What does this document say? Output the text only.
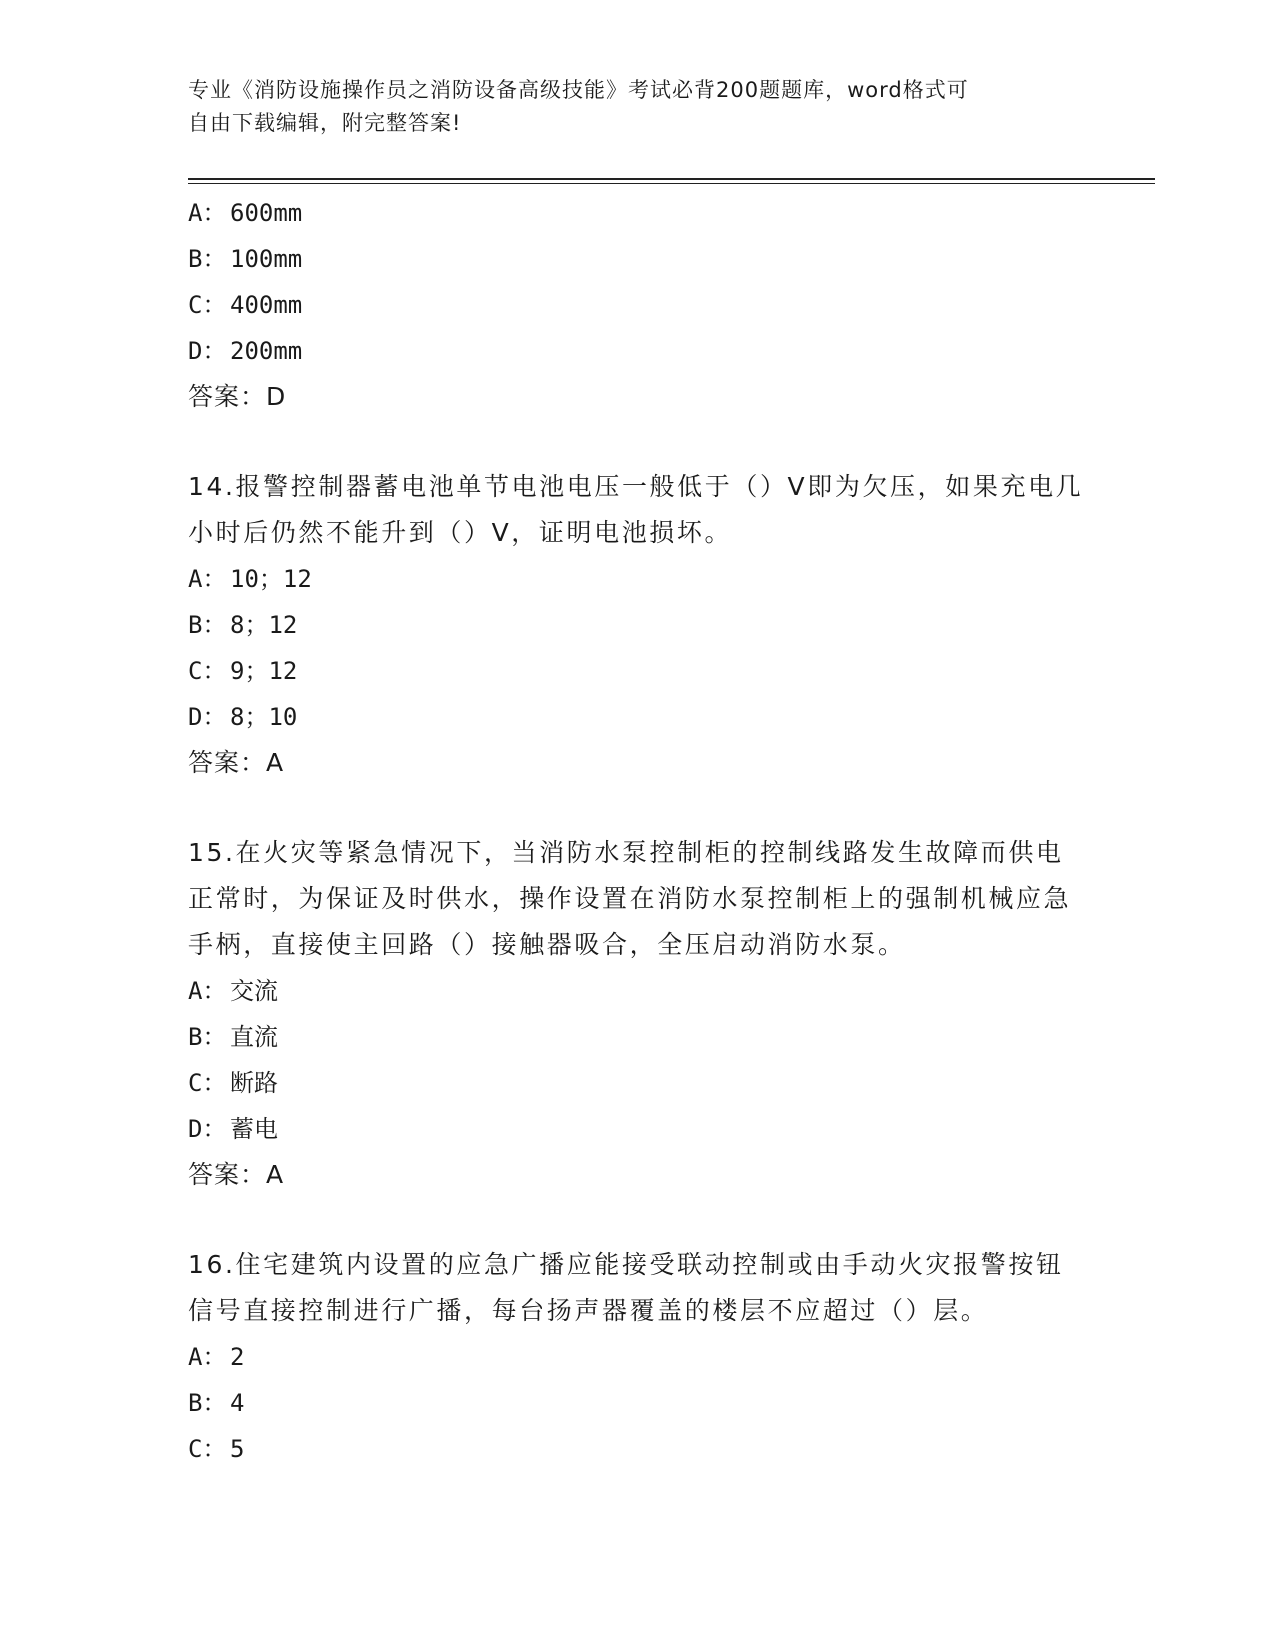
专业《消防设施操作员之消防设备高级技能》考试必背200题题库，word格式可
自由下载编辑，附完整答案!
A： 600mm
B： 100mm
C： 400mm
D： 200mm
答案：D
14.报警控制器蓄电池单节电池电压一般低于（）V即为欠压，如果充电几小时后仍然不能升到（）V，证明电池损坏。
A： 10；12
B： 8；12
C： 9；12
D： 8；10
答案：A
15.在火灾等紧急情况下，当消防水泵控制柜的控制线路发生故障而供电正常时，为保证及时供水，操作设置在消防水泵控制柜上的强制机械应急手柄，直接使主回路（）接触器吸合，全压启动消防水泵。
A： 交流
B： 直流
C： 断路
D： 蓄电
答案：A
16.住宅建筑内设置的应急广播应能接受联动控制或由手动火灾报警按钮信号直接控制进行广播，每台扬声器覆盖的楼层不应超过（）层。
A： 2
B： 4
C： 5
